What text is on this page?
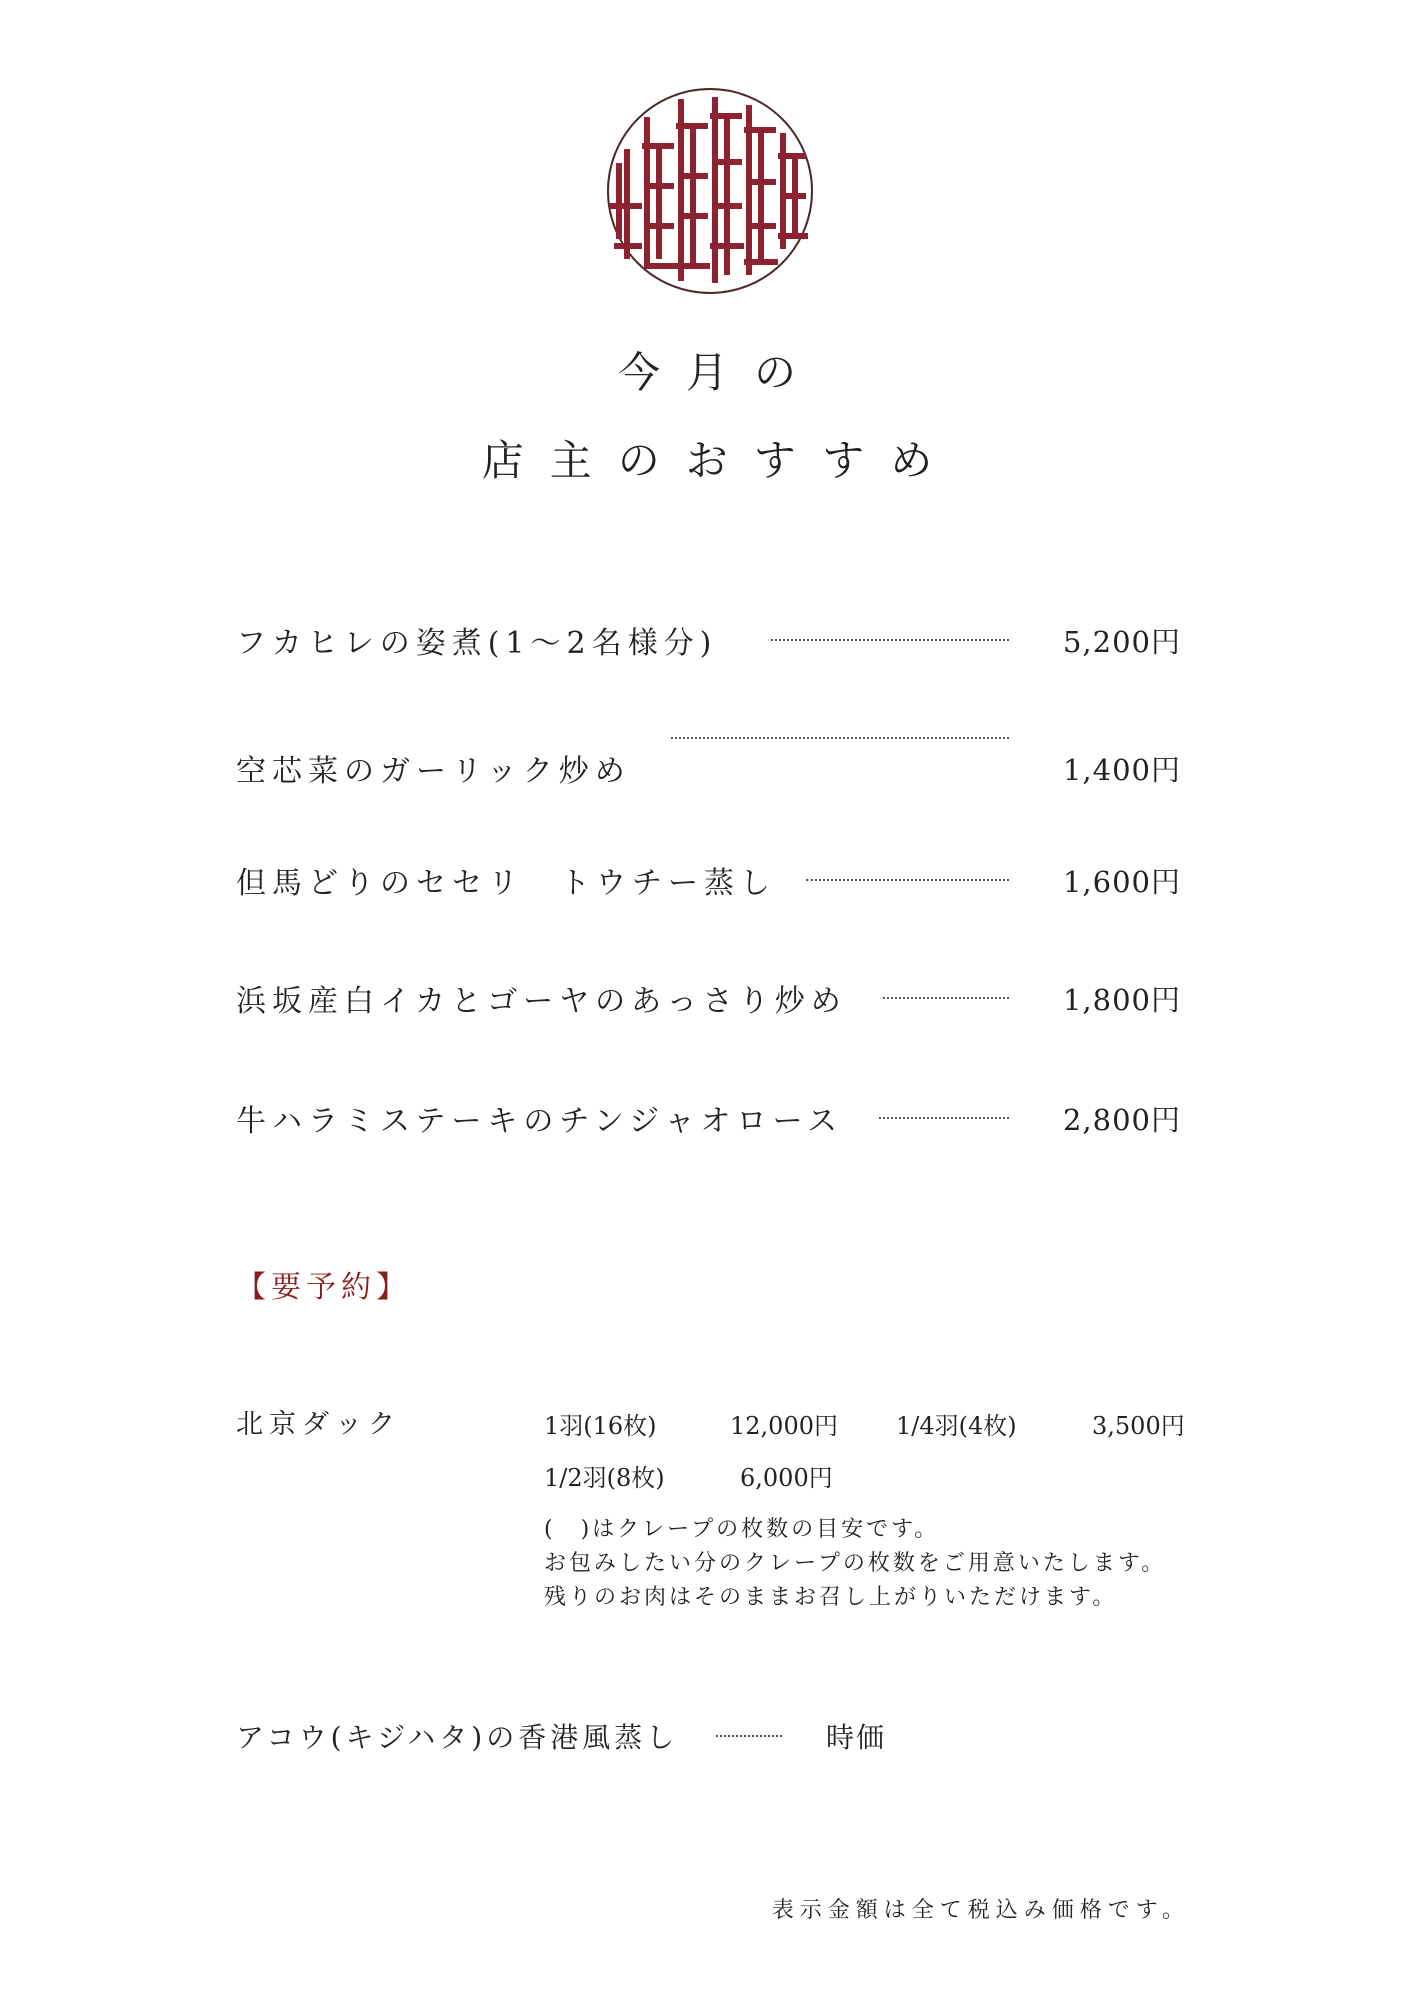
今月の
店主のおすすめ
フカヒレの姿煮(1〜2名様分)	5,200円
空芯菜のガーリック炒め	1,400円
但馬どりのセセリ　トウチー蒸し	1,600円
浜坂産白イカとゴーヤのあっさり炒め	1,800円
牛ハラミステーキのチンジャオロース	2,800円
【要予約】
北京ダック	1羽(16枚)	12,000円 1/4羽(4枚)	3,500円
1/2羽(8枚)	6,000円
(　)はクレープの枚数の目安です。
お包みしたい分のクレープの枚数をご用意いたします。
残りのお肉はそのままお召し上がりいただけます。
アコウ(キジハタ)の香港風蒸し	時価
表示金額は全て税込み価格です。
